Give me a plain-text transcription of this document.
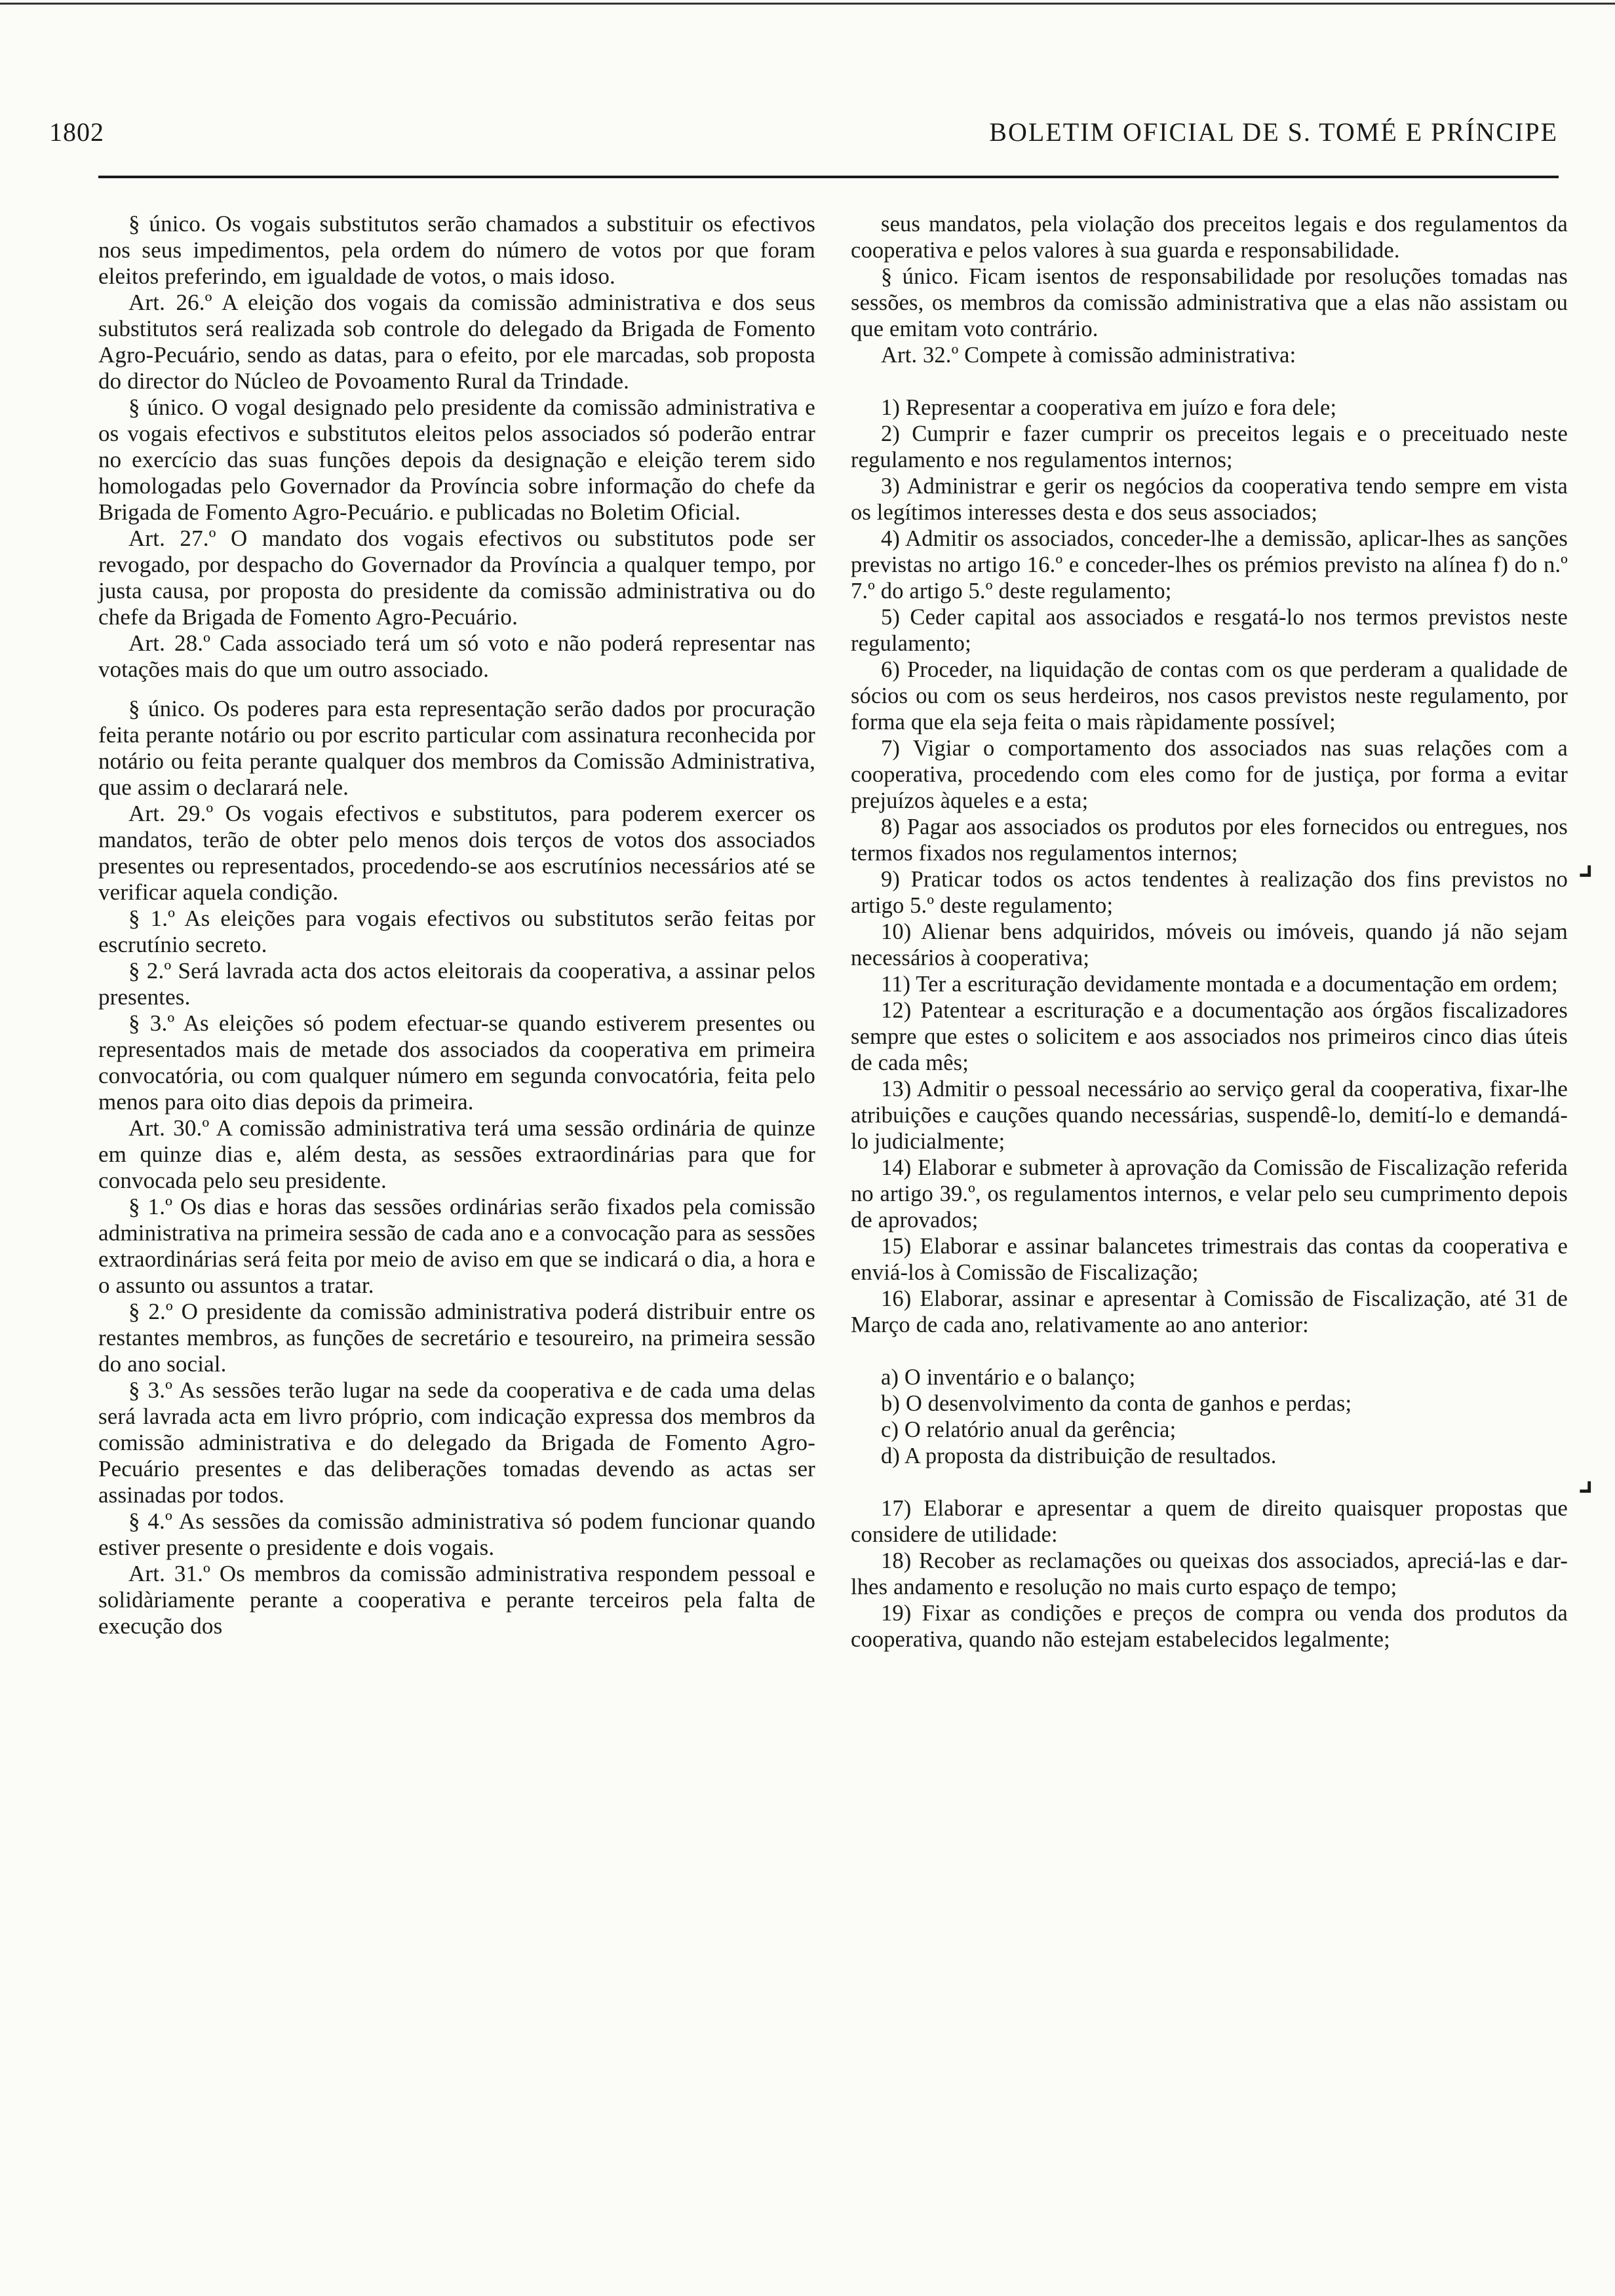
1802	BOLETIM OFICIAL DE S. TOMÉ E PRÍNCIPE

§ único. Os vogais substitutos serão chamados a substituir os efectivos nos seus impedimentos, pela ordem do número de votos por que foram eleitos preferindo, em igualdade de votos, o mais idoso.

Art. 26.º A eleição dos vogais da comissão administrativa e dos seus substitutos será realizada sob controle do delegado da Brigada de Fomento Agro-Pecuário, sendo as datas, para o efeito, por ele marcadas, sob proposta do director do Núcleo de Povoamento Rural da Trindade.

§ único. O vogal designado pelo presidente da comissão administrativa e os vogais efectivos e substitutos eleitos pelos associados só poderão entrar no exercício das suas funções depois da designação e eleição terem sido homologadas pelo Governador da Província sobre informação do chefe da Brigada de Fomento Agro-Pecuário. e publicadas no Boletim Oficial.

Art. 27.º O mandato dos vogais efectivos ou substitutos pode ser revogado, por despacho do Governador da Província a qualquer tempo, por justa causa, por proposta do presidente da comissão administrativa ou do chefe da Brigada de Fomento Agro-Pecuário.

Art. 28.º Cada associado terá um só voto e não poderá representar nas votações mais do que um outro associado.

§ único. Os poderes para esta representação serão dados por procuração feita perante notário ou por escrito particular com assinatura reconhecida por notário ou feita perante qualquer dos membros da Comissão Administrativa, que assim o declarará nele.

Art. 29.º Os vogais efectivos e substitutos, para poderem exercer os mandatos, terão de obter pelo menos dois terços de votos dos associados presentes ou representados, procedendo-se aos escrutínios necessários até se verificar aquela condição.

§ 1.º As eleições para vogais efectivos ou substitutos serão feitas por escrutínio secreto.

§ 2.º Será lavrada acta dos actos eleitorais da cooperativa, a assinar pelos presentes.

§ 3.º As eleições só podem efectuar-se quando estiverem presentes ou representados mais de metade dos associados da cooperativa em primeira convocatória, ou com qualquer número em segunda convocatória, feita pelo menos para oito dias depois da primeira.

Art. 30.º A comissão administrativa terá uma sessão ordinária de quinze em quinze dias e, além desta, as sessões extraordinárias para que for convocada pelo seu presidente.

§ 1.º Os dias e horas das sessões ordinárias serão fixados pela comissão administrativa na primeira sessão de cada ano e a convocação para as sessões extraordinárias será feita por meio de aviso em que se indicará o dia, a hora e o assunto ou assuntos a tratar.

§ 2.º O presidente da comissão administrativa poderá distribuir entre os restantes membros, as funções de secretário e tesoureiro, na primeira sessão do ano social.

§ 3.º As sessões terão lugar na sede da cooperativa e de cada uma delas será lavrada acta em livro próprio, com indicação expressa dos membros da comissão administrativa e do delegado da Brigada de Fomento Agro-Pecuário presentes e das deliberações tomadas devendo as actas ser assinadas por todos.

§ 4.º As sessões da comissão administrativa só podem funcionar quando estiver presente o presidente e dois vogais.

Art. 31.º Os membros da comissão administrativa respondem pessoal e solidàriamente perante a cooperativa e perante terceiros pela falta de execução dos

seus mandatos, pela violação dos preceitos legais e dos regulamentos da cooperativa e pelos valores à sua guarda e responsabilidade.

§ único. Ficam isentos de responsabilidade por resoluções tomadas nas sessões, os membros da comissão administrativa que a elas não assistam ou que emitam voto contrário.

Art. 32.º Compete à comissão administrativa:

1) Representar a cooperativa em juízo e fora dele;

2) Cumprir e fazer cumprir os preceitos legais e o preceituado neste regulamento e nos regulamentos internos;

3) Administrar e gerir os negócios da cooperativa tendo sempre em vista os legítimos interesses desta e dos seus associados;

4) Admitir os associados, conceder-lhe a demissão, aplicar-lhes as sanções previstas no artigo 16.º e conceder-lhes os prémios previsto na alínea f) do n.º 7.º do artigo 5.º deste regulamento;

5) Ceder capital aos associados e resgatá-lo nos termos previstos neste regulamento;

6) Proceder, na liquidação de contas com os que perderam a qualidade de sócios ou com os seus herdeiros, nos casos previstos neste regulamento, por forma que ela seja feita o mais ràpidamente possível;

7) Vigiar o comportamento dos associados nas suas relações com a cooperativa, procedendo com eles como for de justiça, por forma a evitar prejuízos àqueles e a esta;

8) Pagar aos associados os produtos por eles fornecidos ou entregues, nos termos fixados nos regulamentos internos;

9) Praticar todos os actos tendentes à realização dos fins previstos no artigo 5.º deste regulamento;

10) Alienar bens adquiridos, móveis ou imóveis, quando já não sejam necessários à cooperativa;

11) Ter a escrituração devidamente montada e a documentação em ordem;

12) Patentear a escrituração e a documentação aos órgãos fiscalizadores sempre que estes o solicitem e aos associados nos primeiros cinco dias úteis de cada mês;

13) Admitir o pessoal necessário ao serviço geral da cooperativa, fixar-lhe atribuições e cauções quando necessárias, suspendê-lo, demití-lo e demandá-lo judicialmente;

14) Elaborar e submeter à aprovação da Comissão de Fiscalização referida no artigo 39.º, os regulamentos internos, e velar pelo seu cumprimento depois de aprovados;

15) Elaborar e assinar balancetes trimestrais das contas da cooperativa e enviá-los à Comissão de Fiscalização;

16) Elaborar, assinar e apresentar à Comissão de Fiscalização, até 31 de Março de cada ano, relativamente ao ano anterior:

a) O inventário e o balanço;

b) O desenvolvimento da conta de ganhos e perdas;

c) O relatório anual da gerência;

d) A proposta da distribuição de resultados.

17) Elaborar e apresentar a quem de direito quaisquer propostas que considere de utilidade:

18) Recober as reclamações ou queixas dos associados, apreciá-las e dar-lhes andamento e resolução no mais curto espaço de tempo;

19) Fixar as condições e preços de compra ou venda dos produtos da cooperativa, quando não estejam estabelecidos legalmente;

⌟
⌟
